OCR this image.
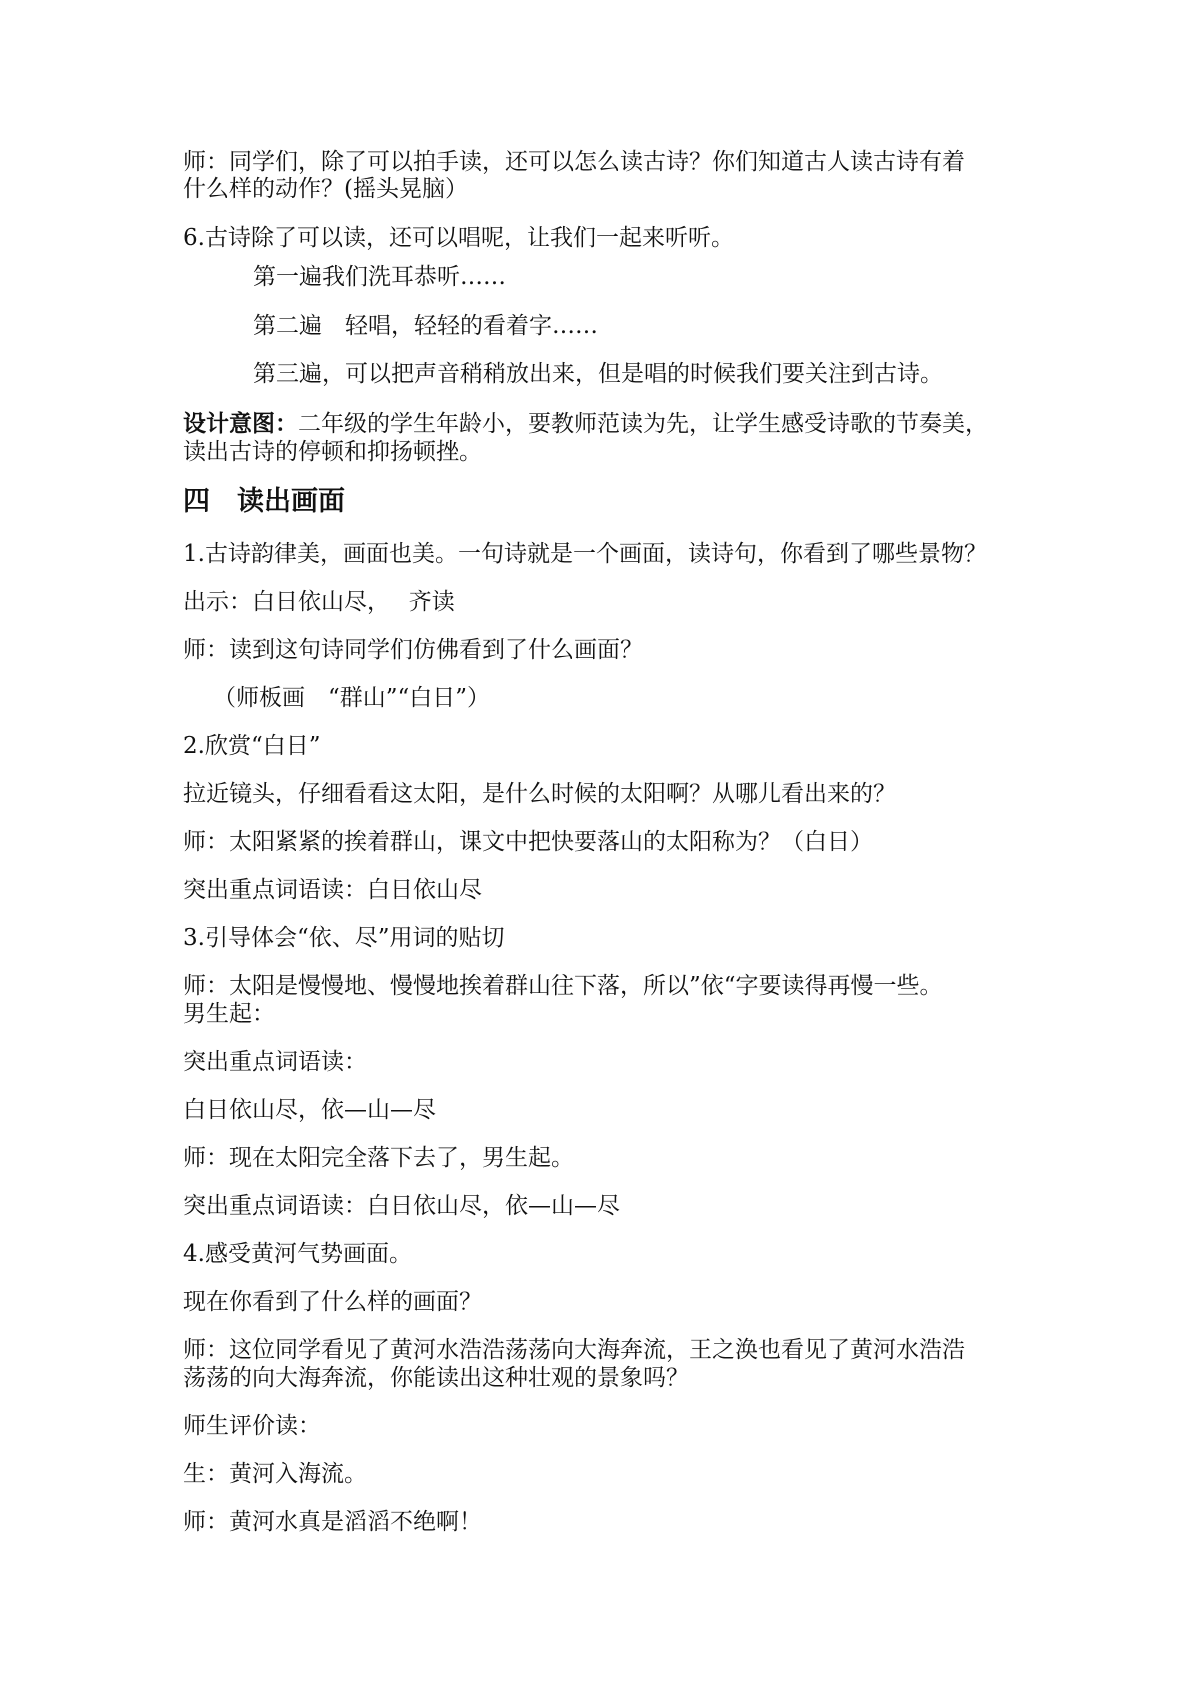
师：同学们，除了可以拍手读，还可以怎么读古诗？你们知道古人读古诗有着
什么样的动作？(摇头晃脑）
6.古诗除了可以读，还可以唱呢，让我们一起来听听。
第一遍我们洗耳恭听……
第二遍　轻唱，轻轻的看着字……
第三遍，可以把声音稍稍放出来，但是唱的时候我们要关注到古诗。
设计意图：二年级的学生年龄小，要教师范读为先，让学生感受诗歌的节奏美，
读出古诗的停顿和抑扬顿挫。
四　读出画面
1.古诗韵律美，画面也美。一句诗就是一个画面，读诗句，你看到了哪些景物？
出示：白日依山尽，　 齐读
师：读到这句诗同学们仿佛看到了什么画面？
（师板画　“群山”“白日”）
2.欣赏“白日”
拉近镜头，仔细看看这太阳，是什么时候的太阳啊？从哪儿看出来的？
师：太阳紧紧的挨着群山，课文中把快要落山的太阳称为？（白日）
突出重点词语读：白日依山尽
3.引导体会“依、尽”用词的贴切
师：太阳是慢慢地、慢慢地挨着群山往下落，所以”依“字要读得再慢一些。
男生起：
突出重点词语读：
白日依山尽，依—山—尽
师：现在太阳完全落下去了，男生起。
突出重点词语读：白日依山尽，依—山—尽
4.感受黄河气势画面。
现在你看到了什么样的画面？
师：这位同学看见了黄河水浩浩荡荡向大海奔流，王之涣也看见了黄河水浩浩
荡荡的向大海奔流，你能读出这种壮观的景象吗？
师生评价读：
生：黄河入海流。
师：黄河水真是滔滔不绝啊！
